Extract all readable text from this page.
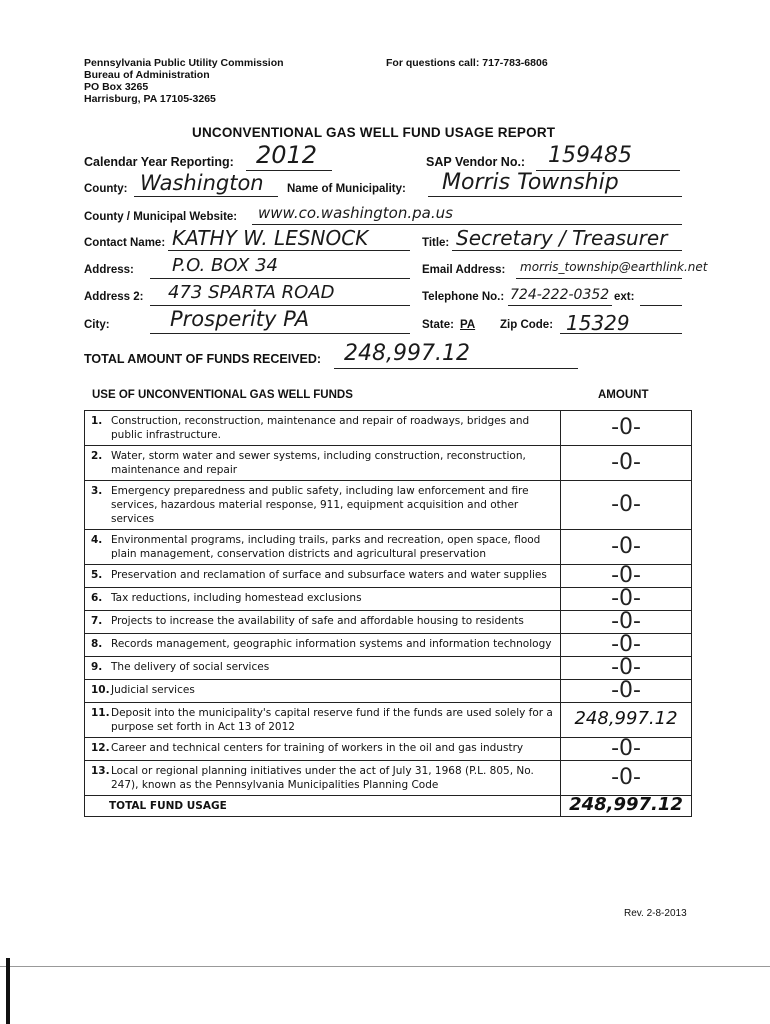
Pennsylvania Public Utility Commission
Bureau of Administration
PO Box 3265
Harrisburg, PA 17105-3265
For questions call: 717-783-6806
UNCONVENTIONAL GAS WELL FUND USAGE REPORT
Calendar Year Reporting: 2012	SAP Vendor No.: 159485
County: Washington Name of Municipality: Morris Township
County / Municipal Website: www.co.washington.pa.us
Contact Name: KATHY W. LESNOCK	Title: Secretary / Treasurer
Address: P.O. BOX 34	Email Address: morris_township@earthlink.net
Address 2: 473 SPARTA ROAD	Telephone No.: 724-222-0352 ext:
City:	Prosperity PA	State: PA Zip Code: 15329
TOTAL AMOUNT OF FUNDS RECEIVED: 248,997.12
USE OF UNCONVENTIONAL GAS WELL FUNDS	AMOUNT
1. Construction, reconstruction, maintenance and repair of roadways, bridges and public infrastructure.	-0-
2. Water, storm water and sewer systems, including construction, reconstruction, maintenance and repair	-0-
3. Emergency preparedness and public safety, including law enforcement and fire services, hazardous material response, 911, equipment acquisition and other services	-0-
4. Environmental programs, including trails, parks and recreation, open space, flood plain management, conservation districts and agricultural preservation	-0-
5. Preservation and reclamation of surface and subsurface waters and water supplies	-0-
6. Tax reductions, including homestead exclusions	-0-
7. Projects to increase the availability of safe and affordable housing to residents	-0-
8. Records management, geographic information systems and information technology	-0-
9. The delivery of social services	-0-
10.Judicial services	-0-
11.Deposit into the municipality's capital reserve fund if the funds are used solely for a purpose set forth in Act 13 of 2012	248,997.12
12.Career and technical centers for training of workers in the oil and gas industry	-0-
13.Local or regional planning initiatives under the act of July 31, 1968 (P.L. 805, No. 247), known as the Pennsylvania Municipalities Planning Code	-0-
TOTAL FUND USAGE	248,997.12
Rev. 2-8-2013
